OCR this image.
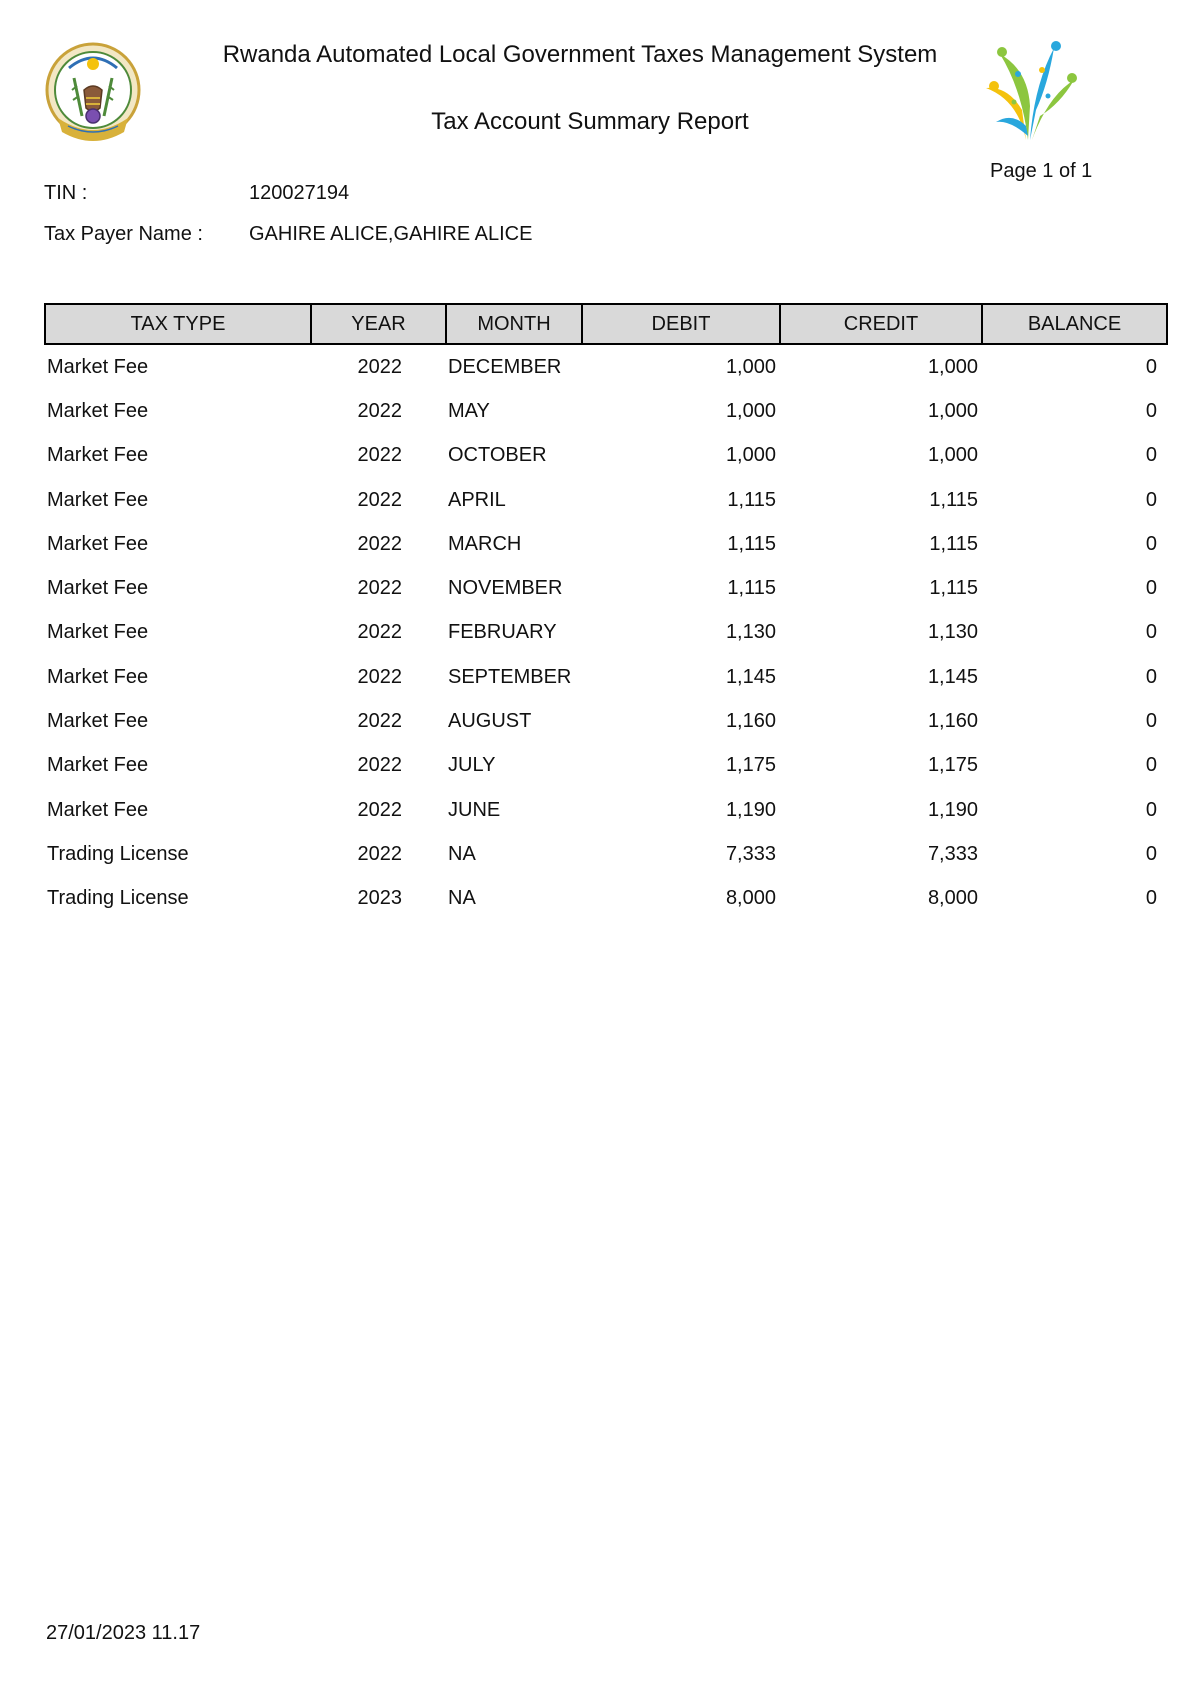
Rwanda Automated Local Government Taxes Management System
Tax Account Summary Report
Page 1 of 1
TIN :	120027194
Tax Payer Name : GAHIRE ALICE,GAHIRE ALICE
TAX TYPE	YEAR	MONTH	DEBIT	CREDIT	BALANCE
Market Fee	2022	DECEMBER	1,000	1,000	0
Market Fee	2022	MAY	1,000	1,000	0
Market Fee	2022	OCTOBER	1,000	1,000	0
Market Fee	2022	APRIL	1,115	1,115	0
Market Fee	2022	MARCH	1,115	1,115	0
Market Fee	2022	NOVEMBER	1,115	1,115	0
Market Fee	2022	FEBRUARY	1,130	1,130	0
Market Fee	2022	SEPTEMBER	1,145	1,145	0
Market Fee	2022	AUGUST	1,160	1,160	0
Market Fee	2022	JULY	1,175	1,175	0
Market Fee	2022	JUNE	1,190	1,190	0
Trading License	2022	NA	7,333	7,333	0
Trading License	2023	NA	8,000	8,000	0
27/01/2023 11.17
